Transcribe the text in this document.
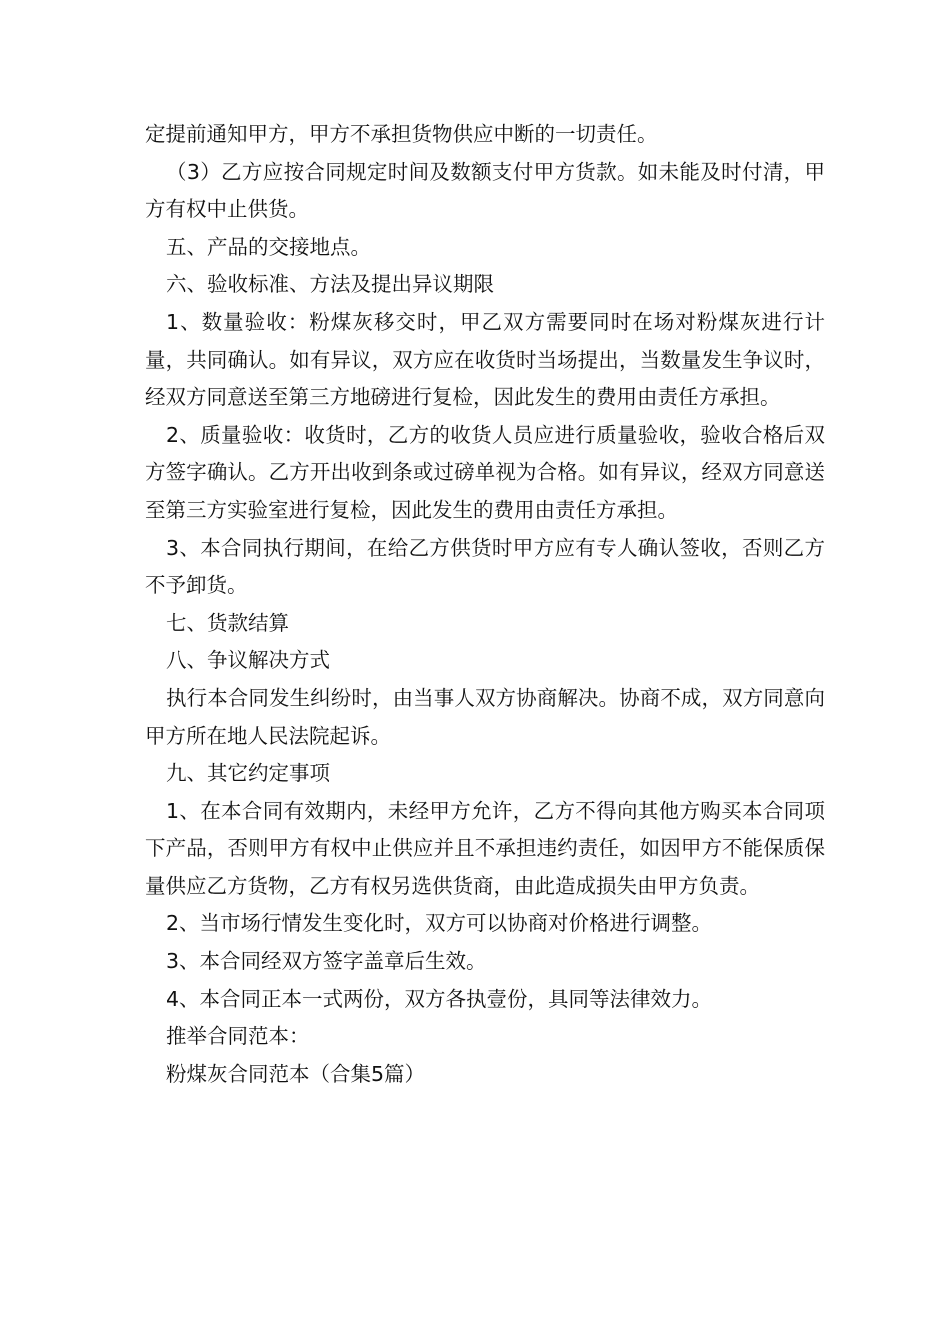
定提前通知甲方，甲方不承担货物供应中断的一切责任。

（3）乙方应按合同规定时间及数额支付甲方货款。如未能及时付清，甲方有权中止供货。

五、产品的交接地点。

六、验收标准、方法及提出异议期限

1、数量验收：粉煤灰移交时，甲乙双方需要同时在场对粉煤灰进行计量，共同确认。如有异议，双方应在收货时当场提出，当数量发生争议时，经双方同意送至第三方地磅进行复检，因此发生的费用由责任方承担。

2、质量验收：收货时，乙方的收货人员应进行质量验收，验收合格后双方签字确认。乙方开出收到条或过磅单视为合格。如有异议，经双方同意送至第三方实验室进行复检，因此发生的费用由责任方承担。

3、本合同执行期间，在给乙方供货时甲方应有专人确认签收，否则乙方不予卸货。

七、货款结算

八、争议解决方式

执行本合同发生纠纷时，由当事人双方协商解决。协商不成，双方同意向甲方所在地人民法院起诉。

九、其它约定事项

1、在本合同有效期内，未经甲方允许，乙方不得向其他方购买本合同项下产品，否则甲方有权中止供应并且不承担违约责任，如因甲方不能保质保量供应乙方货物，乙方有权另选供货商，由此造成损失由甲方负责。

2、当市场行情发生变化时，双方可以协商对价格进行调整。

3、本合同经双方签字盖章后生效。

4、本合同正本一式两份，双方各执壹份，具同等法律效力。

推举合同范本：

粉煤灰合同范本（合集5篇）
